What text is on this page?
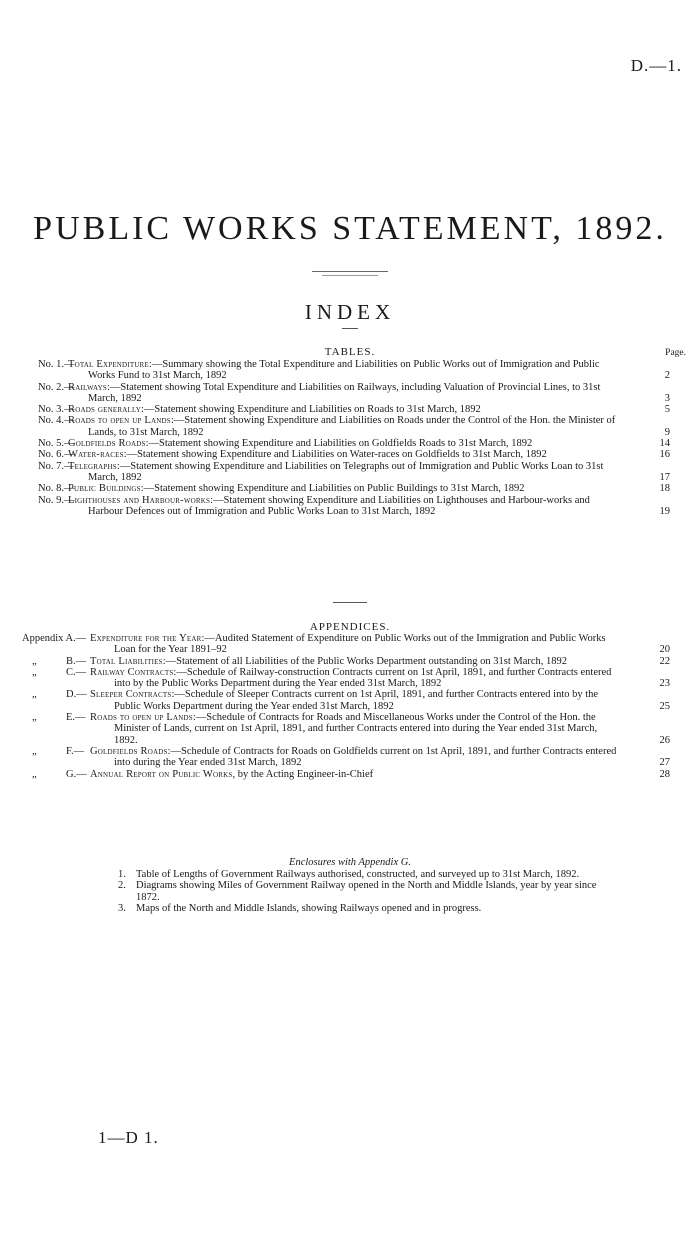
D.—1.
PUBLIC WORKS STATEMENT, 1892.
INDEX
TABLES.	Page.
No. 1.—
Total Expenditure:—Summary showing the Total Expenditure and Liabilities on Public Works out of Immigration and Public Works Fund to 31st March, 1892	2
No. 2.—
Railways:—Statement showing Total Expenditure and Liabilities on Railways, including Valuation of Provincial Lines, to 31st March, 1892	3
No. 3.—
Roads generally:—Statement showing Expenditure and Liabilities on Roads to 31st March, 1892	5
No. 4.—
Roads to open up Lands:—Statement showing Expenditure and Liabilities on Roads under the Control of the Hon. the Minister of Lands, to 31st March, 1892	9
No. 5.—
Goldfields Roads:—Statement showing Expenditure and Liabilities on Goldfields Roads to 31st March, 1892	14
No. 6.—
Water-races:—Statement showing Expenditure and Liabilities on Water-races on Goldfields to 31st March, 1892	16
No. 7.—
Telegraphs:—Statement showing Expenditure and Liabilities on Telegraphs out of Immigration and Public Works Loan to 31st March, 1892	17
No. 8.—
Public Buildings:—Statement showing Expenditure and Liabilities on Public Buildings to 31st March, 1892	18
No. 9.—
Lighthouses and Harbour-works:—Statement showing Expenditure and Liabilities on Lighthouses and Harbour-works and Harbour Defences out of Immigration and Public Works Loan to 31st March, 1892	19
APPENDICES.
Appendix A.— Expenditure for the Year:—Audited Statement of Expenditure on Public Works out of the Immigration and Public Works Loan for the Year 1891–92	20
„	B.— Total Liabilities:—Statement of all Liabilities of the Public Works Department outstanding on 31st March, 1892	22
„	C.— Railway Contracts:—Schedule of Railway-construction Contracts current on 1st April, 1891, and further Contracts entered into by the Public Works Department during the Year ended 31st March, 1892	23
„	D.— Sleeper Contracts:—Schedule of Sleeper Contracts current on 1st April, 1891, and further Contracts entered into by the Public Works Department during the Year ended 31st March, 1892	25
„	E.— Roads to open up Lands:—Schedule of Contracts for Roads and Miscellaneous Works under the Control of the Hon. the Minister of Lands, current on 1st April, 1891, and further Contracts entered into during the Year ended 31st March, 1892.	26
„	F.— Goldfields Roads:—Schedule of Contracts for Roads on Goldfields current on 1st April, 1891, and further Contracts entered into during the Year ended 31st March, 1892	27
„	G.— Annual Report on Public Works, by the Acting Engineer-in-Chief	28
Enclosures with Appendix G.
1. Table of Lengths of Government Railways authorised, constructed, and surveyed up to 31st March, 1892.
2. Diagrams showing Miles of Government Railway opened in the North and Middle Islands, year by year since 1872.
3. Maps of the North and Middle Islands, showing Railways opened and in progress.
1—D 1.
